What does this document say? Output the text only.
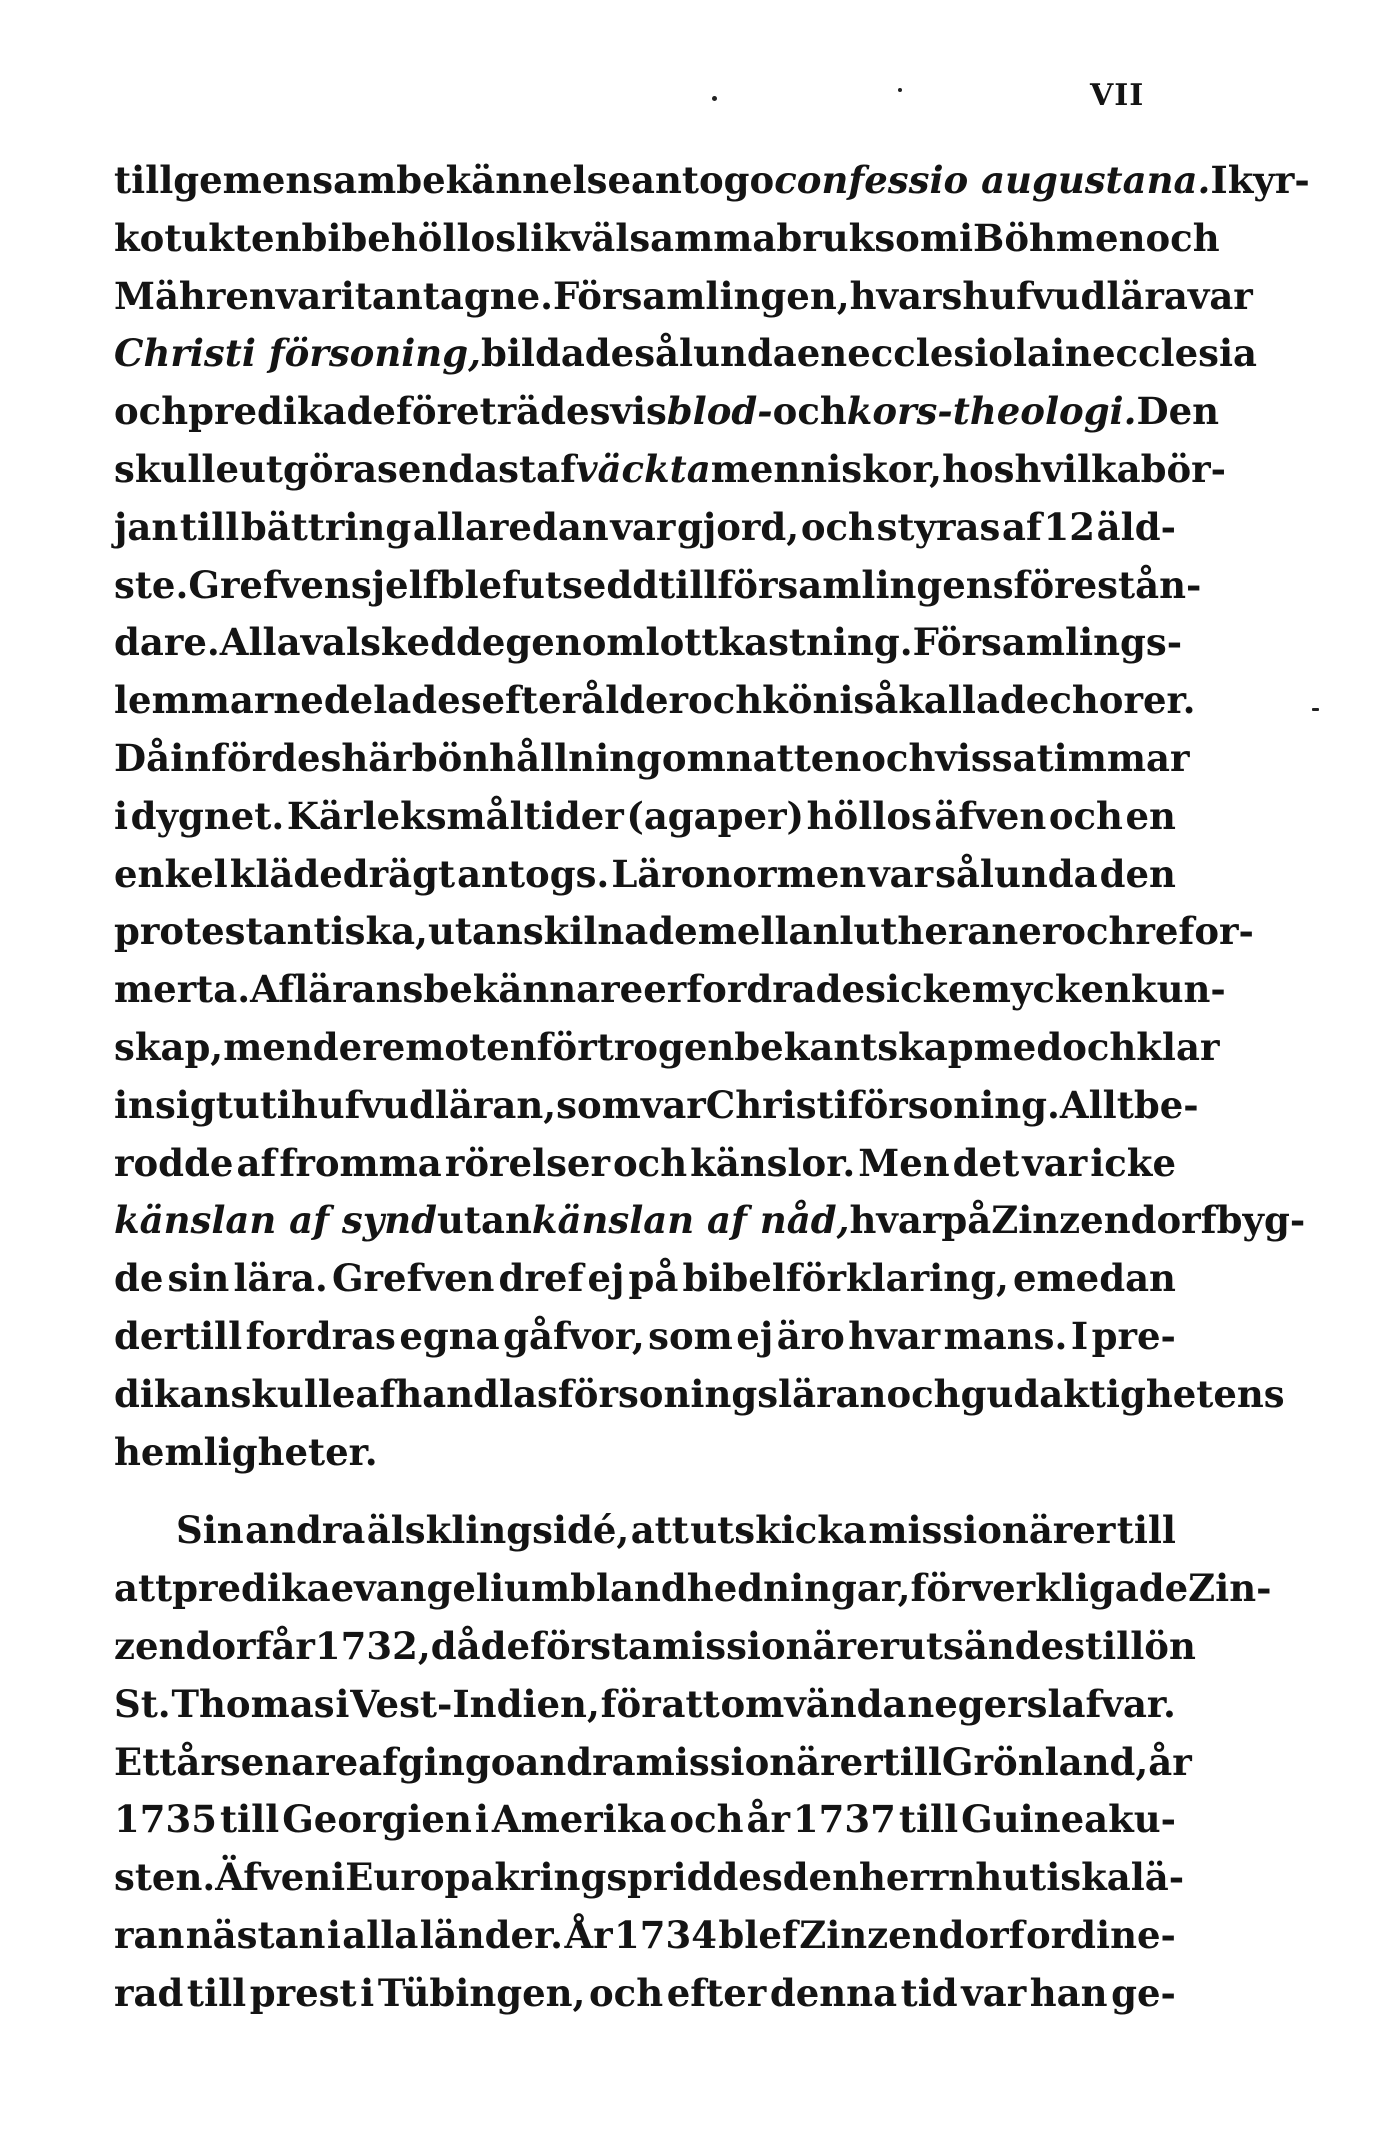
VII
till gemensam bekännelse antogo confessio augustana. I kyr-
kotukten bibehöllos likväl samma bruk som i Böhmen och
Mähren varit antagne. Församlingen, hvars hufvudlära var
Christi försoning, bildade sålunda en ecclesiola in ecclesia
och predikade företrädesvis blod- och kors-theologi. Den
skulle utgöras endast af väckta menniskor, hos hvilka bör-
jan till bättring allaredan var gjord, och styras af 12 äld-
ste. Grefven sjelf blef utsedd till församlingens förestån-
dare. Alla val skedde genom lottkastning. Församlings-
lemmarne delades efter ålder och kön i så kallade chorer.
Då infördes här bönhållning om natten och vissa timmar
i dygnet. Kärleksmåltider (agaper) höllos äfven och en
enkel klädedrägt antogs. Läronormen var sålunda den
protestantiska, utan skilnad emellan lutheraner och refor-
merta. Af lärans bekännare erfordrades icke mycken kun-
skap, men deremot en förtrogen bekantskap med och klar
insigt uti hufvudläran, som var Christi försoning. Allt be-
rodde af fromma rörelser och känslor. Men det var icke
känslan af synd utan känslan af nåd, hvarpå Zinzendorf byg-
de sin lära. Grefven dref ej på bibelförklaring, emedan
dertill fordras egna gåfvor, som ej äro hvar mans. I pre-
dikan skulle afhandlas försoningsläran och gudaktighetens
hemligheter.
Sin andra älsklingsidé, att utskicka missionärer till
att predika evangelium bland hedningar, förverkligade Zin-
zendorf år 1732, då de första missionärer utsändes till ön
St. Thomas i Vest-Indien, för att omvända negerslafvar.
Ett år senare afgingo andra missionärer till Grönland, år
1735 till Georgien i Amerika och år 1737 till Guineaku-
sten. Äfven i Europa kringspriddes den herrnhutiska lä-
ran nästan i alla länder. År 1734 blef Zinzendorf ordine-
rad till prest i Tübingen, och efter denna tid var han ge-
